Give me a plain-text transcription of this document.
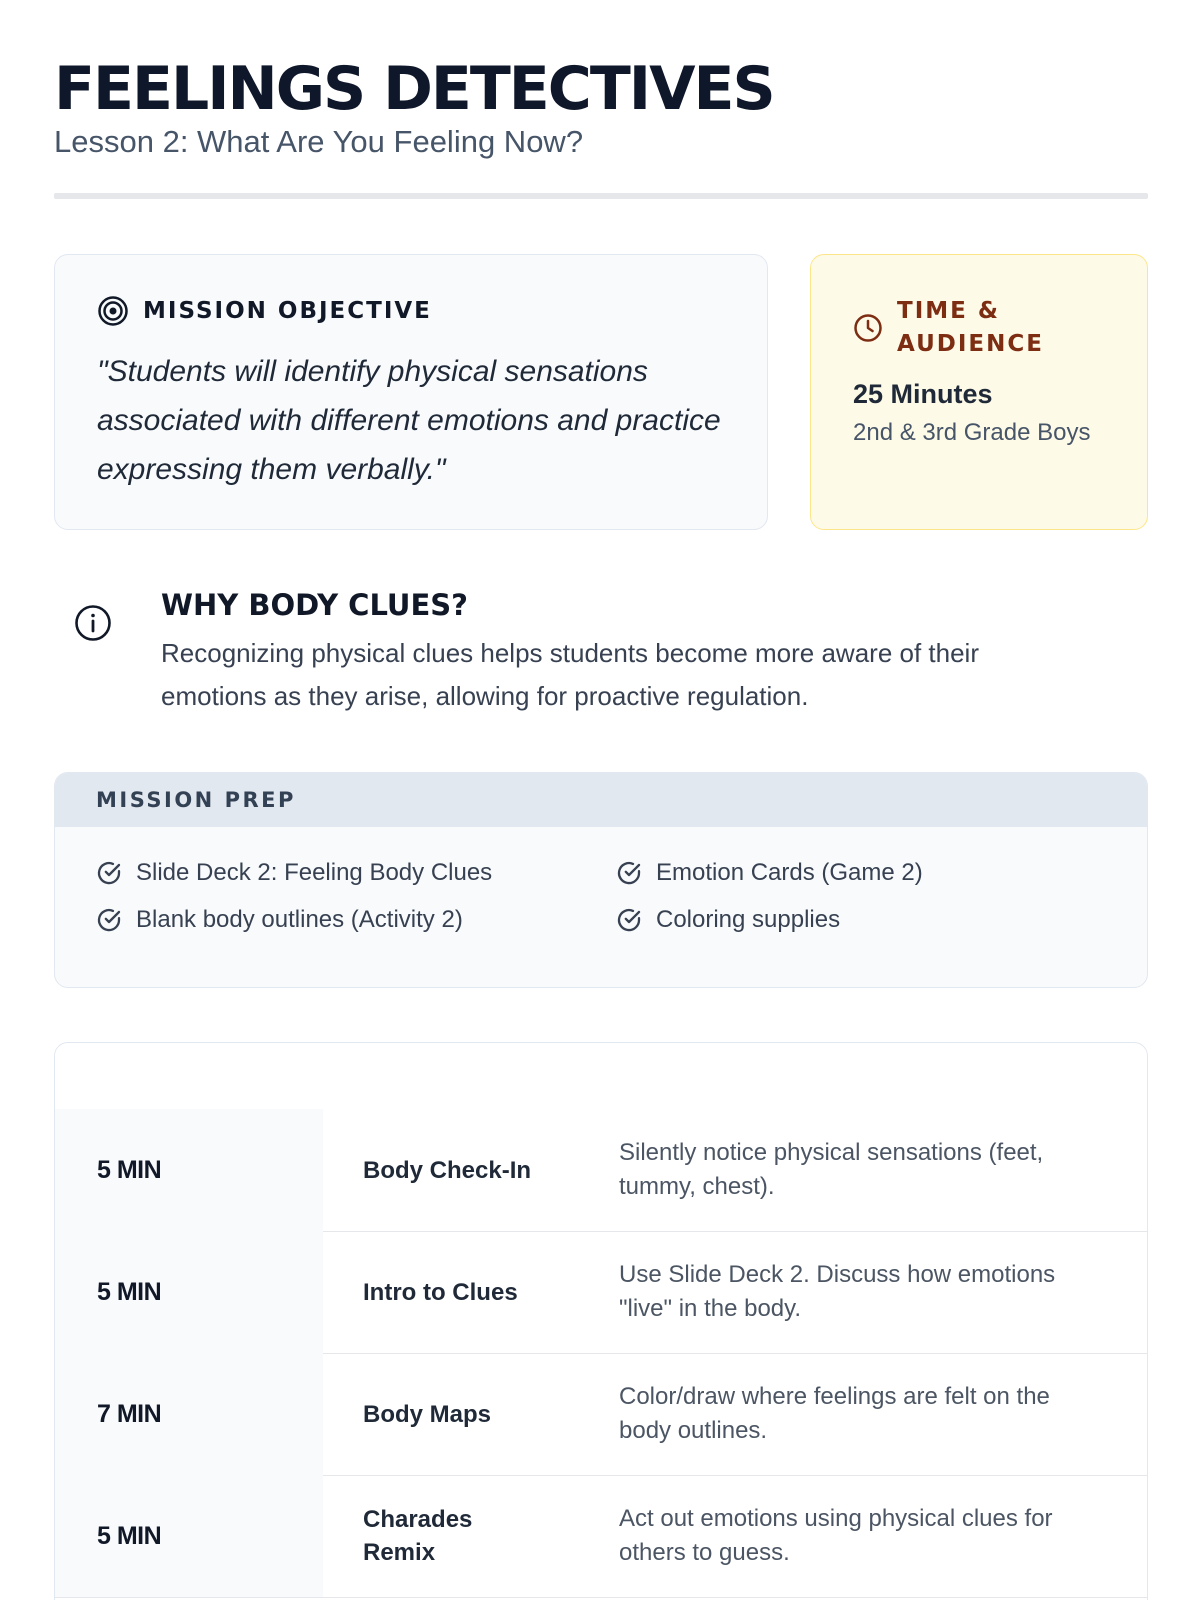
FEELINGS DETECTIVES
Lesson 2: What Are You Feeling Now?
MISSION OBJECTIVE
"Students will identify physical sensations associated with different emotions and practice expressing them verbally."
TIME & AUDIENCE
25 Minutes
2nd & 3rd Grade Boys
WHY BODY CLUES?
Recognizing physical clues helps students become more aware of their emotions as they arise, allowing for proactive regulation.
MISSION PREP
Slide Deck 2: Feeling Body Clues	Emotion Cards (Game 2)
Blank body outlines (Activity 2)	Coloring supplies
5 MIN	Body Check-In
Silently notice physical sensations (feet, tummy, chest).
5 MIN	Intro to Clues
Use Slide Deck 2. Discuss how emotions "live" in the body.
7 MIN	Body Maps
Color/draw where feelings are felt on the body outlines.
5 MIN
Charades Remix
Act out emotions using physical clues for others to guess.
